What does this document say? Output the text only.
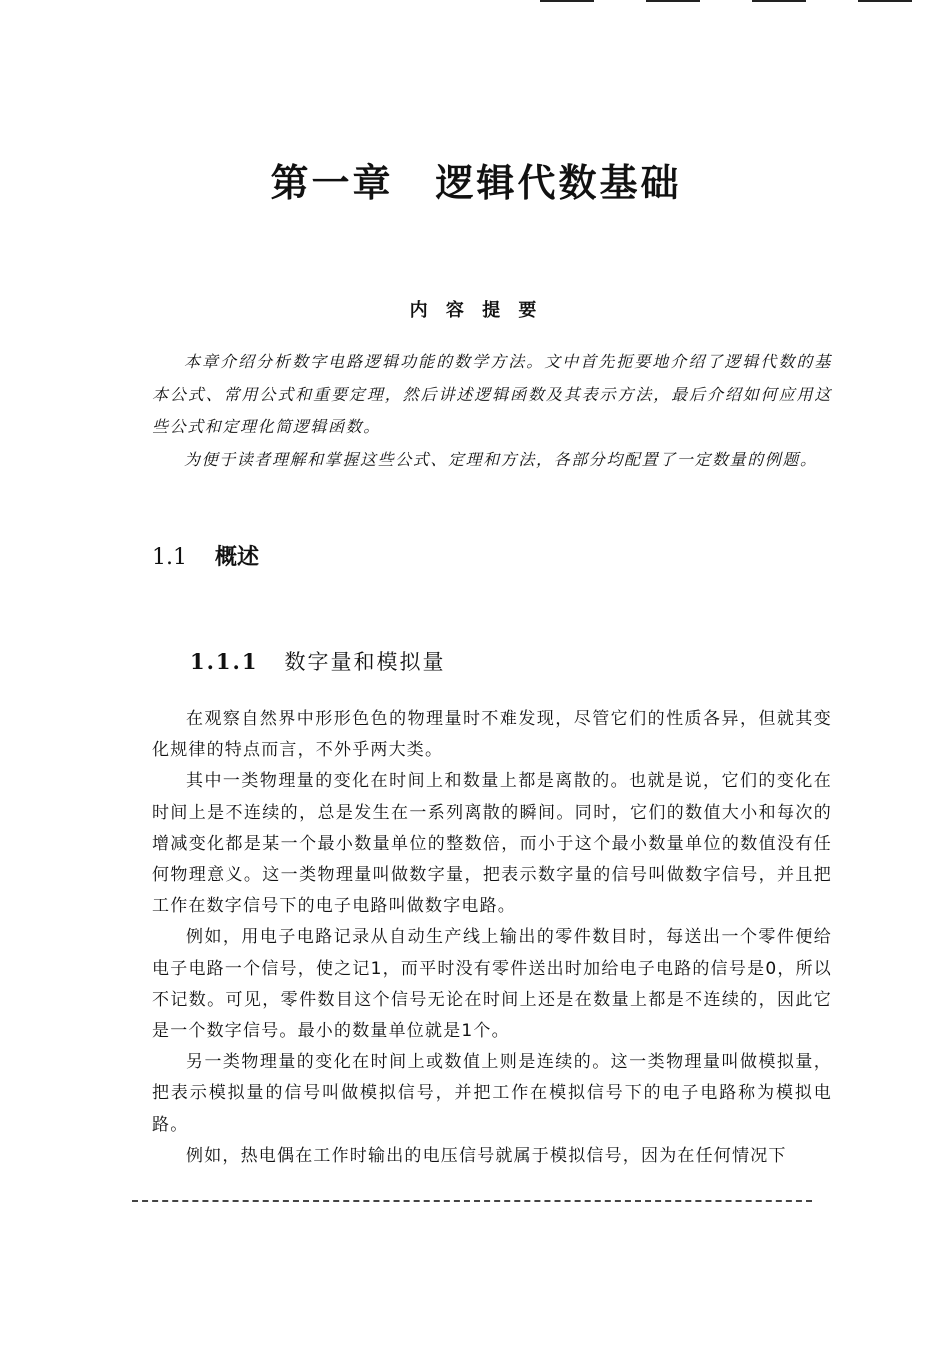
第一章 逻辑代数基础
内 容 提 要

本章介绍分析数字电路逻辑功能的数学方法。文中首先扼要地介绍了逻辑代数的基本公式、常用公式和重要定理，然后讲述逻辑函数及其表示方法，最后介绍如何应用这些公式和定理化简逻辑函数。

为便于读者理解和掌握这些公式、定理和方法，各部分均配置了一定数量的例题。

1.1 概述
1.1.1 数字量和模拟量

在观察自然界中形形色色的物理量时不难发现，尽管它们的性质各异，但就其变化规律的特点而言，不外乎两大类。

其中一类物理量的变化在时间上和数量上都是离散的。也就是说，它们的变化在时间上是不连续的，总是发生在一系列离散的瞬间。同时，它们的数值大小和每次的增减变化都是某一个最小数量单位的整数倍，而小于这个最小数量单位的数值没有任何物理意义。这一类物理量叫做数字量，把表示数字量的信号叫做数字信号，并且把工作在数字信号下的电子电路叫做数字电路。

例如，用电子电路记录从自动生产线上输出的零件数目时，每送出一个零件便给电子电路一个信号，使之记1，而平时没有零件送出时加给电子电路的信号是0，所以不记数。可见，零件数目这个信号无论在时间上还是在数量上都是不连续的，因此它是一个数字信号。最小的数量单位就是1个。

另一类物理量的变化在时间上或数值上则是连续的。这一类物理量叫做模拟量，把表示模拟量的信号叫做模拟信号，并把工作在模拟信号下的电子电路称为模拟电路。

例如，热电偶在工作时输出的电压信号就属于模拟信号，因为在任何情况下
